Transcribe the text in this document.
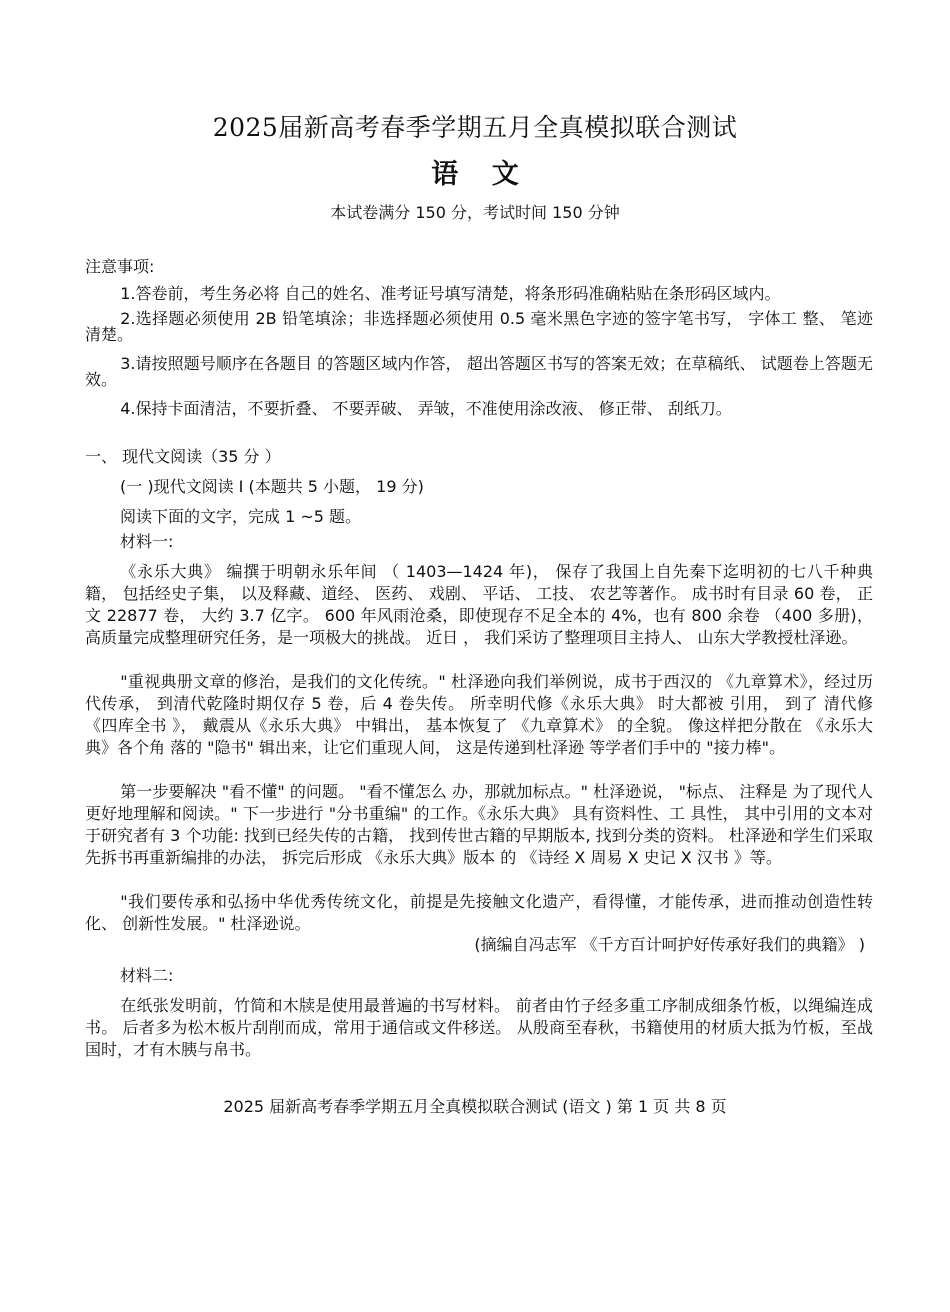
2025届新高考春季学期五月全真模拟联合测试
语 文
本试卷满分 150 分，考试时间 150 分钟
注意事项:
1.答卷前，考生务必将 自己的姓名、准考证号填写清楚，将条形码准确粘贴在条形码区域内。
2.选择题必须使用 2B 铅笔填涂；非选择题必须使用 0.5 毫米黑色字迹的签字笔书写， 字体工 整、 笔迹清楚。
3.请按照题号顺序在各题目 的答题区域内作答， 超出答题区书写的答案无效；在草稿纸、 试题卷上答题无效。
4.保持卡面清洁，不要折叠、 不要弄破、 弄皱，不准使用涂改液、 修正带、 刮纸刀。
一、 现代文阅读（35 分 ）
(一 )现代文阅读 Ⅰ (本题共 5 小题， 19 分)
阅读下面的文字，完成 1 ~5 题。
材料一:
《永乐大典》 编撰于明朝永乐年间 （ 1403—1424 年)， 保存了我国上自先秦下迄明初的七八千种典籍， 包括经史子集， 以及释藏、道经、 医药、 戏剧、 平话、 工技、 农艺等著作。 成书时有目录 60 卷， 正文 22877 卷， 大约 3.7 亿字。 600 年风雨沧桑，即使现存不足全本的 4%，也有 800 余卷 （400 多册)，高质量完成整理研究任务，是一项极大的挑战。 近日 ， 我们采访了整理项目主持人、 山东大学教授杜泽逊。
"重视典册文章的修治，是我们的文化传统。" 杜泽逊向我们举例说，成书于西汉的 《九章算术》，经过历代传承， 到清代乾隆时期仅存 5 卷，后 4 卷失传。 所幸明代修《永乐大典》 时大都被 引用， 到了 清代修《四库全书 》， 戴震从《永乐大典》 中辑出， 基本恢复了 《九章算术》 的全貌。 像这样把分散在 《永乐大典》各个角 落的 "隐书" 辑出来，让它们重现人间， 这是传递到杜泽逊 等学者们手中的 "接力棒"。
第一步要解决 "看不懂" 的问题。 "看不懂怎么 办，那就加标点。" 杜泽逊说， "标点、 注释是 为了现代人更好地理解和阅读。" 下一步进行 "分书重编" 的工作。《永乐大典》 具有资料性、工 具性， 其中引用的文本对于研究者有 3 个功能: 找到已经失传的古籍， 找到传世古籍的早期版本, 找到分类的资料。 杜泽逊和学生们采取先拆书再重新编排的办法， 拆完后形成 《永乐大典》版本 的 《诗经 X 周易 X 史记 X 汉书 》等。
"我们要传承和弘扬中华优秀传统文化，前提是先接触文化遗产，看得懂，才能传承，进而推动创造性转化、 创新性发展。" 杜泽逊说。
(摘编自冯志军 《千方百计呵护好传承好我们的典籍》 )
材料二:
在纸张发明前，竹简和木牍是使用最普遍的书写材料。 前者由竹子经多重工序制成细条竹板，以绳编连成书。 后者多为松木板片刮削而成，常用于通信或文件移送。 从殷商至春秋，书籍使用的材质大抵为竹板，至战国时，才有木胰与帛书。
2025 届新高考春季学期五月全真模拟联合测试 (语文 ) 第 1 页 共 8 页
